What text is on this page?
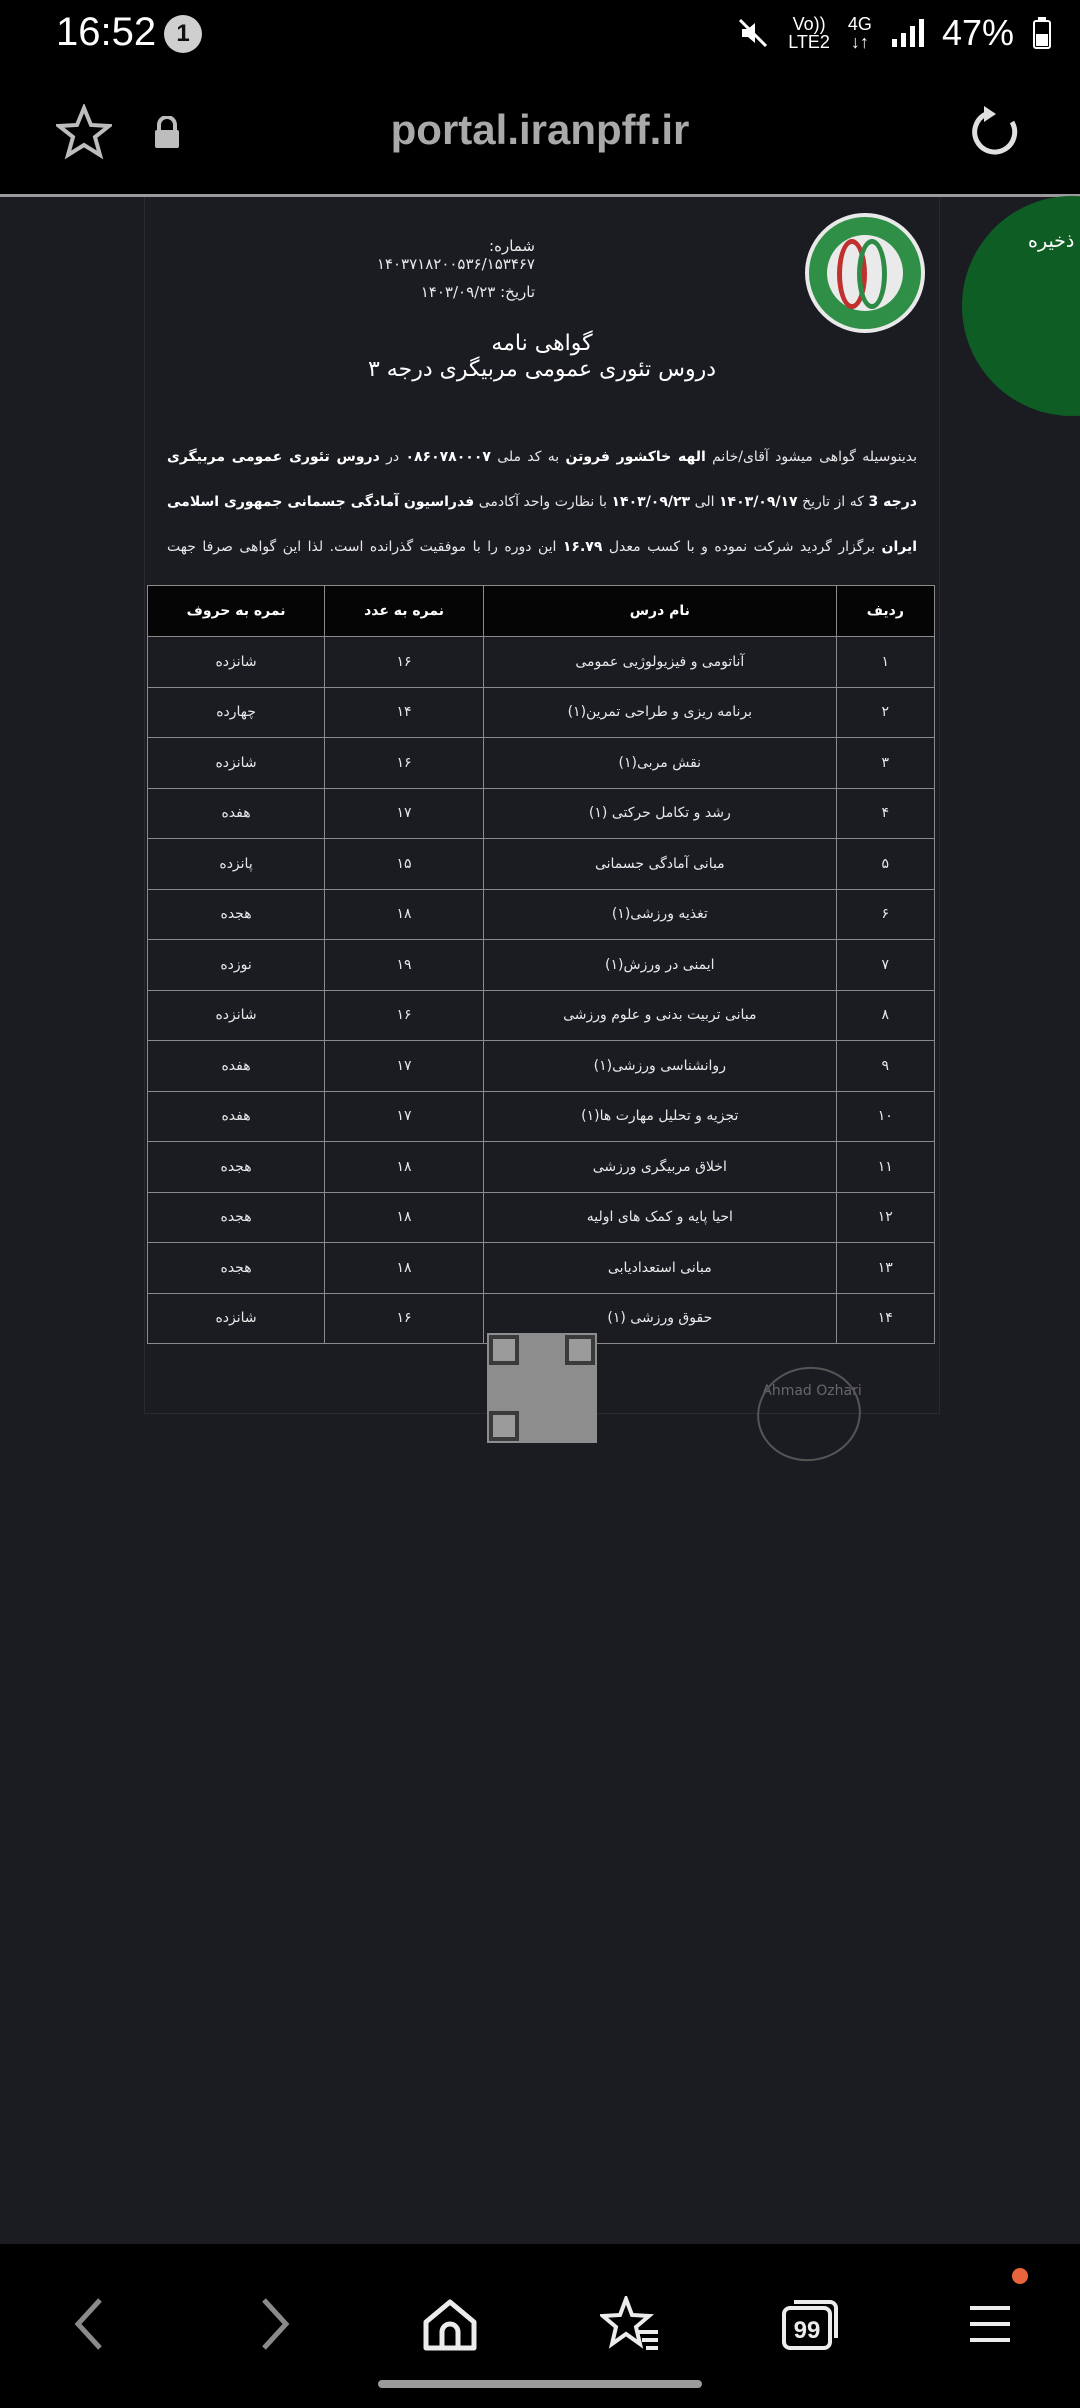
16:52 1	Vo))
LTE2
4G
↓↑ 47%
portal.iranpff.ir
ذخیره
شماره: ۱۴۰۳۷۱۸۲۰۰۵۳۶/۱۵۳۴۶۷
تاریخ: ۱۴۰۳/۰۹/۲۳
گواهی نامه
دروس تئوری عمومی مربیگری درجه ۳
بدینوسیله گواهی میشود آقای/خانم الهه خاکشور فروتن به کد ملی ۰۸۶۰۷۸۰۰۰۷ در دروس تئوری عمومی مربیگری درجه 3 که از تاریخ ۱۴۰۳/۰۹/۱۷ الی ۱۴۰۳/۰۹/۲۳ با نظارت واحد آکادمی فدراسیون آمادگی جسمانی جمهوری اسلامی ایران برگزار گردید شرکت نموده و با کسب معدل ۱۶.۷۹ این دوره را با موفقیت گذرانده است. لذا این گواهی صرفا جهت
ردیف	نام درس	نمره به عدد	نمره به حروف
۱	آناتومی و فیزیولوژیی عمومی	۱۶	شانزده
۲	برنامه ریزی و طراحی تمرین(۱)	۱۴	چهارده
۳	نقش مربی(۱)	۱۶	شانزده
۴	رشد و تکامل حرکتی (۱)	۱۷	هفده
۵	مبانی آمادگی جسمانی	۱۵	پانزده
۶	تغذیه ورزشی(۱)	۱۸	هجده
۷	ایمنی در ورزش(۱)	۱۹	نوزده
۸	مبانی تربیت بدنی و علوم ورزشی	۱۶	شانزده
۹	روانشناسی ورزشی(۱)	۱۷	هفده
۱۰	تجزیه و تحلیل مهارت ها(۱)	۱۷	هفده
۱۱	اخلاق مربیگری ورزشی	۱۸	هجده
۱۲	احیا پایه و کمک های اولیه	۱۸	هجده
۱۳	مبانی استعدادیابی	۱۸	هجده
۱۴	حقوق ورزشی (۱)	۱۶	شانزده
Ahmad Ozhari
99
